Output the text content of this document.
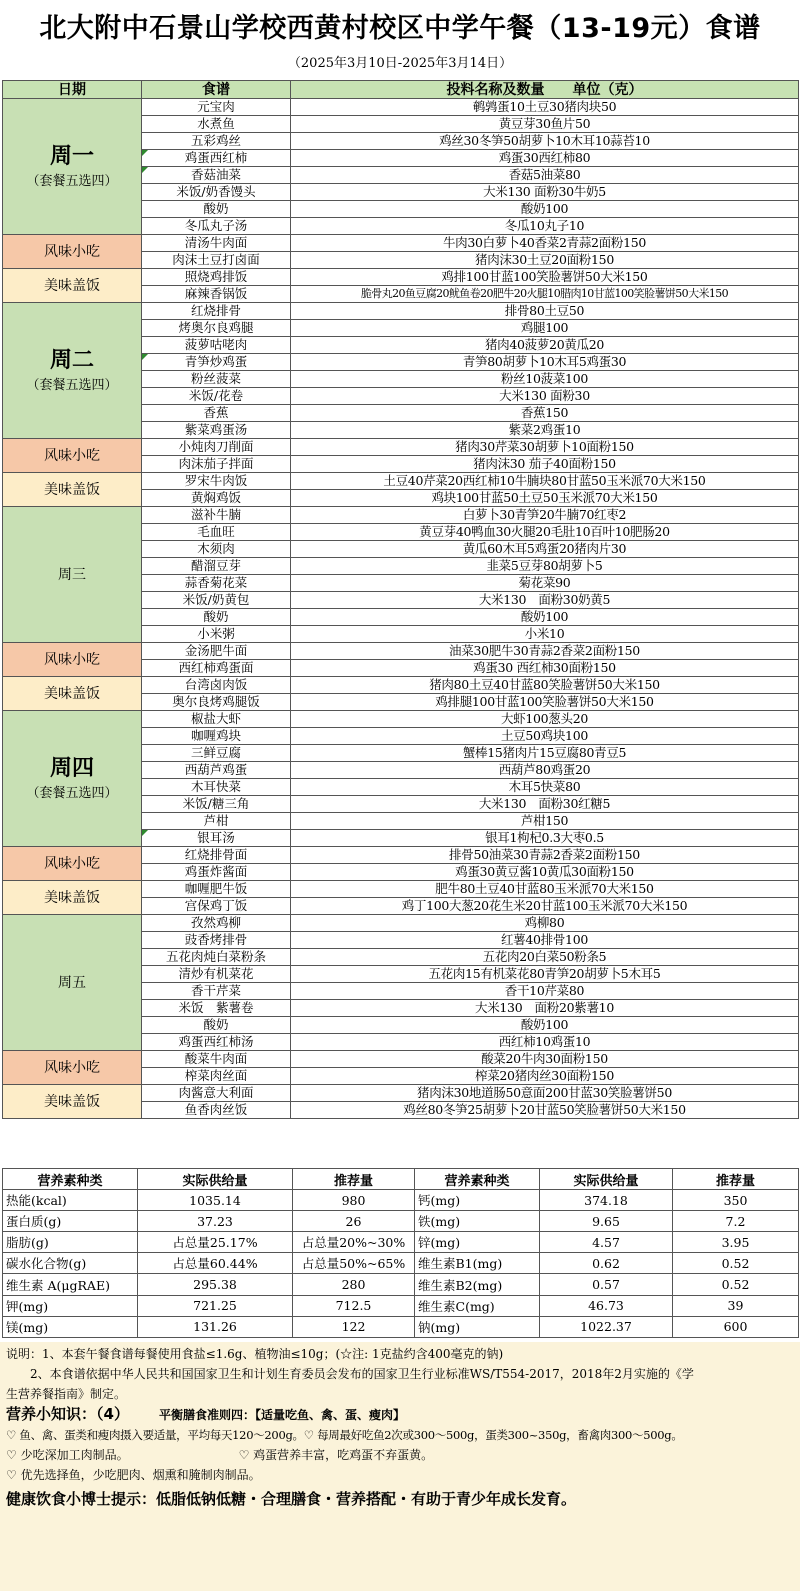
北大附中石景山学校西黄村校区中学午餐（13-19元）食谱
（2025年3月10日-2025年3月14日）
日期	食谱	投料名称及数量　　单位（克）

周一
（套餐五选四）	元宝肉	鹌鹑蛋10土豆30猪肉块50
	水煮鱼	黄豆芽30鱼片50
	五彩鸡丝	鸡丝30冬笋50胡萝卜10木耳10蒜苔10
	鸡蛋西红柿	鸡蛋30西红柿80
	香菇油菜	香菇5油菜80
	米饭/奶香馒头	大米130 面粉30牛奶5
	酸奶	酸奶100
	冬瓜丸子汤	冬瓜10丸子10
风味小吃	清汤牛肉面	牛肉30白萝卜40香菜2青蒜2面粉150
	肉沫土豆打卤面	猪肉沫30土豆20面粉150
美味盖饭	照烧鸡排饭	鸡排100甘蓝100笑脸薯饼50大米150
	麻辣香锅饭	脆骨丸20鱼豆腐20鱿鱼卷20肥牛20火腿10腊肉10甘蓝100笑脸薯饼50大米150

周二
（套餐五选四）	红烧排骨	排骨80土豆50
	烤奥尔良鸡腿	鸡腿100
	菠萝咕咾肉	猪肉40菠萝20黄瓜20
	青笋炒鸡蛋	青笋80胡萝卜10木耳5鸡蛋30
	粉丝菠菜	粉丝10菠菜100
	米饭/花卷	大米130 面粉30
	香蕉	香蕉150
	紫菜鸡蛋汤	紫菜2鸡蛋10
风味小吃	小炖肉刀削面	猪肉30芹菜30胡萝卜10面粉150
	肉沫茄子拌面	猪肉沫30 茄子40面粉150
美味盖饭	罗宋牛肉饭	土豆40芹菜20西红柿10牛腩块80甘蓝50玉米派70大米150
	黄焖鸡饭	鸡块100甘蓝50土豆50玉米派70大米150
周三	滋补牛腩	白萝卜30青笋20牛腩70红枣2
	毛血旺	黄豆芽40鸭血30火腿20毛肚10百叶10肥肠20
	木须肉	黄瓜60木耳5鸡蛋20猪肉片30
	醋溜豆芽	韭菜5豆芽80胡萝卜5
	蒜香菊花菜	菊花菜90
	米饭/奶黄包	大米130　面粉30奶黄5
	酸奶	酸奶100
	小米粥	小米10
风味小吃	金汤肥牛面	油菜30肥牛30青蒜2香菜2面粉150
	西红柿鸡蛋面	鸡蛋30 西红柿30面粉150
美味盖饭	台湾卤肉饭	猪肉80土豆40甘蓝80笑脸薯饼50大米150
	奥尔良烤鸡腿饭	鸡排腿100甘蓝100笑脸薯饼50大米150

周四
（套餐五选四）	椒盐大虾	大虾100葱头20
	咖喱鸡块	土豆50鸡块100
	三鲜豆腐	蟹棒15猪肉片15豆腐80青豆5
	西葫芦鸡蛋	西葫芦80鸡蛋20
	木耳快菜	木耳5快菜80
	米饭/糖三角	大米130　面粉30红糖5
	芦柑	芦柑150
	银耳汤	银耳1枸杞0.3大枣0.5
风味小吃	红烧排骨面	排骨50油菜30青蒜2香菜2面粉150
	鸡蛋炸酱面	鸡蛋30黄豆酱10黄瓜30面粉150
美味盖饭	咖喱肥牛饭	肥牛80土豆40甘蓝80玉米派70大米150
	宫保鸡丁饭	鸡丁100大葱20花生米20甘蓝100玉米派70大米150
周五	孜然鸡柳	鸡柳80
	豉香烤排骨	红薯40排骨100
	五花肉炖白菜粉条	五花肉20白菜50粉条5
	清炒有机菜花	五花肉15有机菜花80青笋20胡萝卜5木耳5
	香干芹菜	香干10芹菜80
	米饭　紫薯卷	大米130　面粉20紫薯10
	酸奶	酸奶100
	鸡蛋西红柿汤	西红柿10鸡蛋10
风味小吃	酸菜牛肉面	酸菜20牛肉30面粉150
	榨菜肉丝面	榨菜20猪肉丝30面粉150
美味盖饭	肉酱意大利面	猪肉沫30地道肠50意面200甘蓝30笑脸薯饼50
	鱼香肉丝饭	鸡丝80冬笋25胡萝卜20甘蓝50笑脸薯饼50大米150
营养素种类	实际供给量	推荐量	营养素种类	实际供给量	推荐量
热能(kcal)	1035.14	980	钙(mg)	374.18	350
蛋白质(g)	37.23	26	铁(mg)	9.65	7.2
脂肪(g)	占总量25.17%	占总量20%~30%	锌(mg)	4.57	3.95
碳水化合物(g)	占总量60.44%	占总量50%~65%	维生素B1(mg)	0.62	0.52
维生素 A(μgRAE)	295.38	280	维生素B2(mg)	0.57	0.52
钾(mg)	721.25	712.5	维生素C(mg)	46.73	39
镁(mg)	131.26	122	钠(mg)	1022.37	600

说明：1、本套午餐食谱每餐使用食盐≤1.6g、植物油≤10g；(☆注: 1克盐约含400毫克的钠)

　　2、本食谱依据中华人民共和国国家卫生和计划生育委员会发布的国家卫生行业标准WS/T554-2017，2018年2月实施的《学

生营养餐指南》制定。

营养小知识：（4）	平衡膳食准则四：【适量吃鱼、禽、蛋、瘦肉】

♡ 鱼、禽、蛋类和瘦肉摄入要适量，平均每天120～200g。♡ 每周最好吃鱼2次或300～500g，蛋类300~350g，畜禽肉300～500g。

♡ 少吃深加工肉制品。	♡ 鸡蛋营养丰富，吃鸡蛋不弃蛋黄。

♡ 优先选择鱼，少吃肥肉、烟熏和腌制肉制品。

健康饮食小博士提示：低脂低钠低糖・合理膳食・营养搭配・有助于青少年成长发育。
